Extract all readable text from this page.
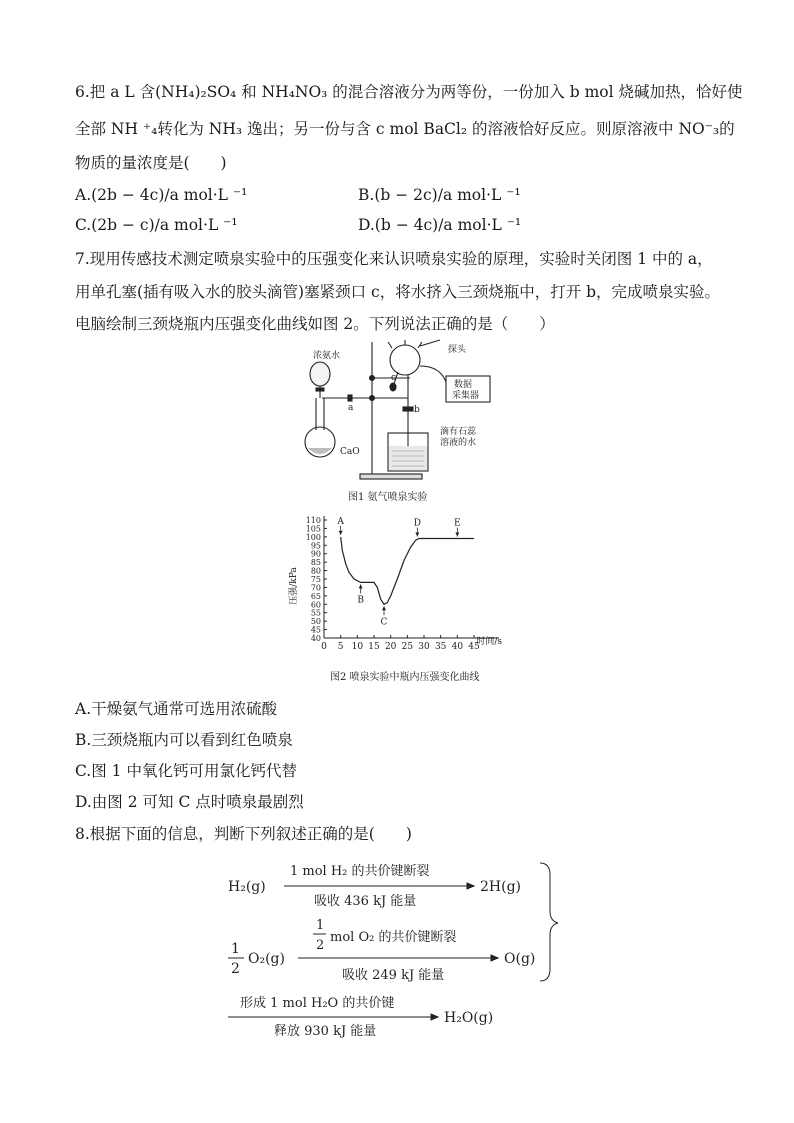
6.把 a L 含(NH₄)₂SO₄ 和 NH₄NO₃ 的混合溶液分为两等份，一份加入 b mol 烧碱加热，恰好使
全部 NH ⁺₄转化为 NH₃ 逸出；另一份与含 c mol BaCl₂ 的溶液恰好反应。则原溶液中 NO⁻₃的
物质的量浓度是(　　)
A.(2b − 4c)/a mol·L ⁻¹	B.(b − 2c)/a mol·L ⁻¹
C.(2b − c)/a mol·L ⁻¹	D.(b − 4c)/a mol·L ⁻¹
7.现用传感技术测定喷泉实验中的压强变化来认识喷泉实验的原理，实验时关闭图 1 中的 a，
用单孔塞(插有吸入水的胶头滴管)塞紧颈口 c，将水挤入三颈烧瓶中，打开 b，完成喷泉实验。
电脑绘制三颈烧瓶内压强变化曲线如图 2。下列说法正确的是（　　）
探头
浓氨水
a	b
c
CaO
数据
采集器
滴有石蕊
溶液的水
图1 氨气喷泉实验
0 5 10 15 20 25 30 35 40 45
40
45
50
55
60
65
70
75
80
85
90
95
100
105
110 A
B
C
D	E
压强/kPa
时间/s
图2 喷泉实验中瓶内压强变化曲线
A.干燥氨气通常可选用浓硫酸
B.三颈烧瓶内可以看到红色喷泉
C.图 1 中氧化钙可用氯化钙代替
D.由图 2 可知 C 点时喷泉最剧烈
8.根据下面的信息，判断下列叙述正确的是(　　)
H₂(g)
1 mol H₂ 的共价键断裂
吸收 436 kJ 能量
2H(g)
1
2
O₂(g)
1
2
mol O₂ 的共价键断裂
吸收 249 kJ 能量
O(g)
形成 1 mol H₂O 的共价键
释放 930 kJ 能量
H₂O(g)
